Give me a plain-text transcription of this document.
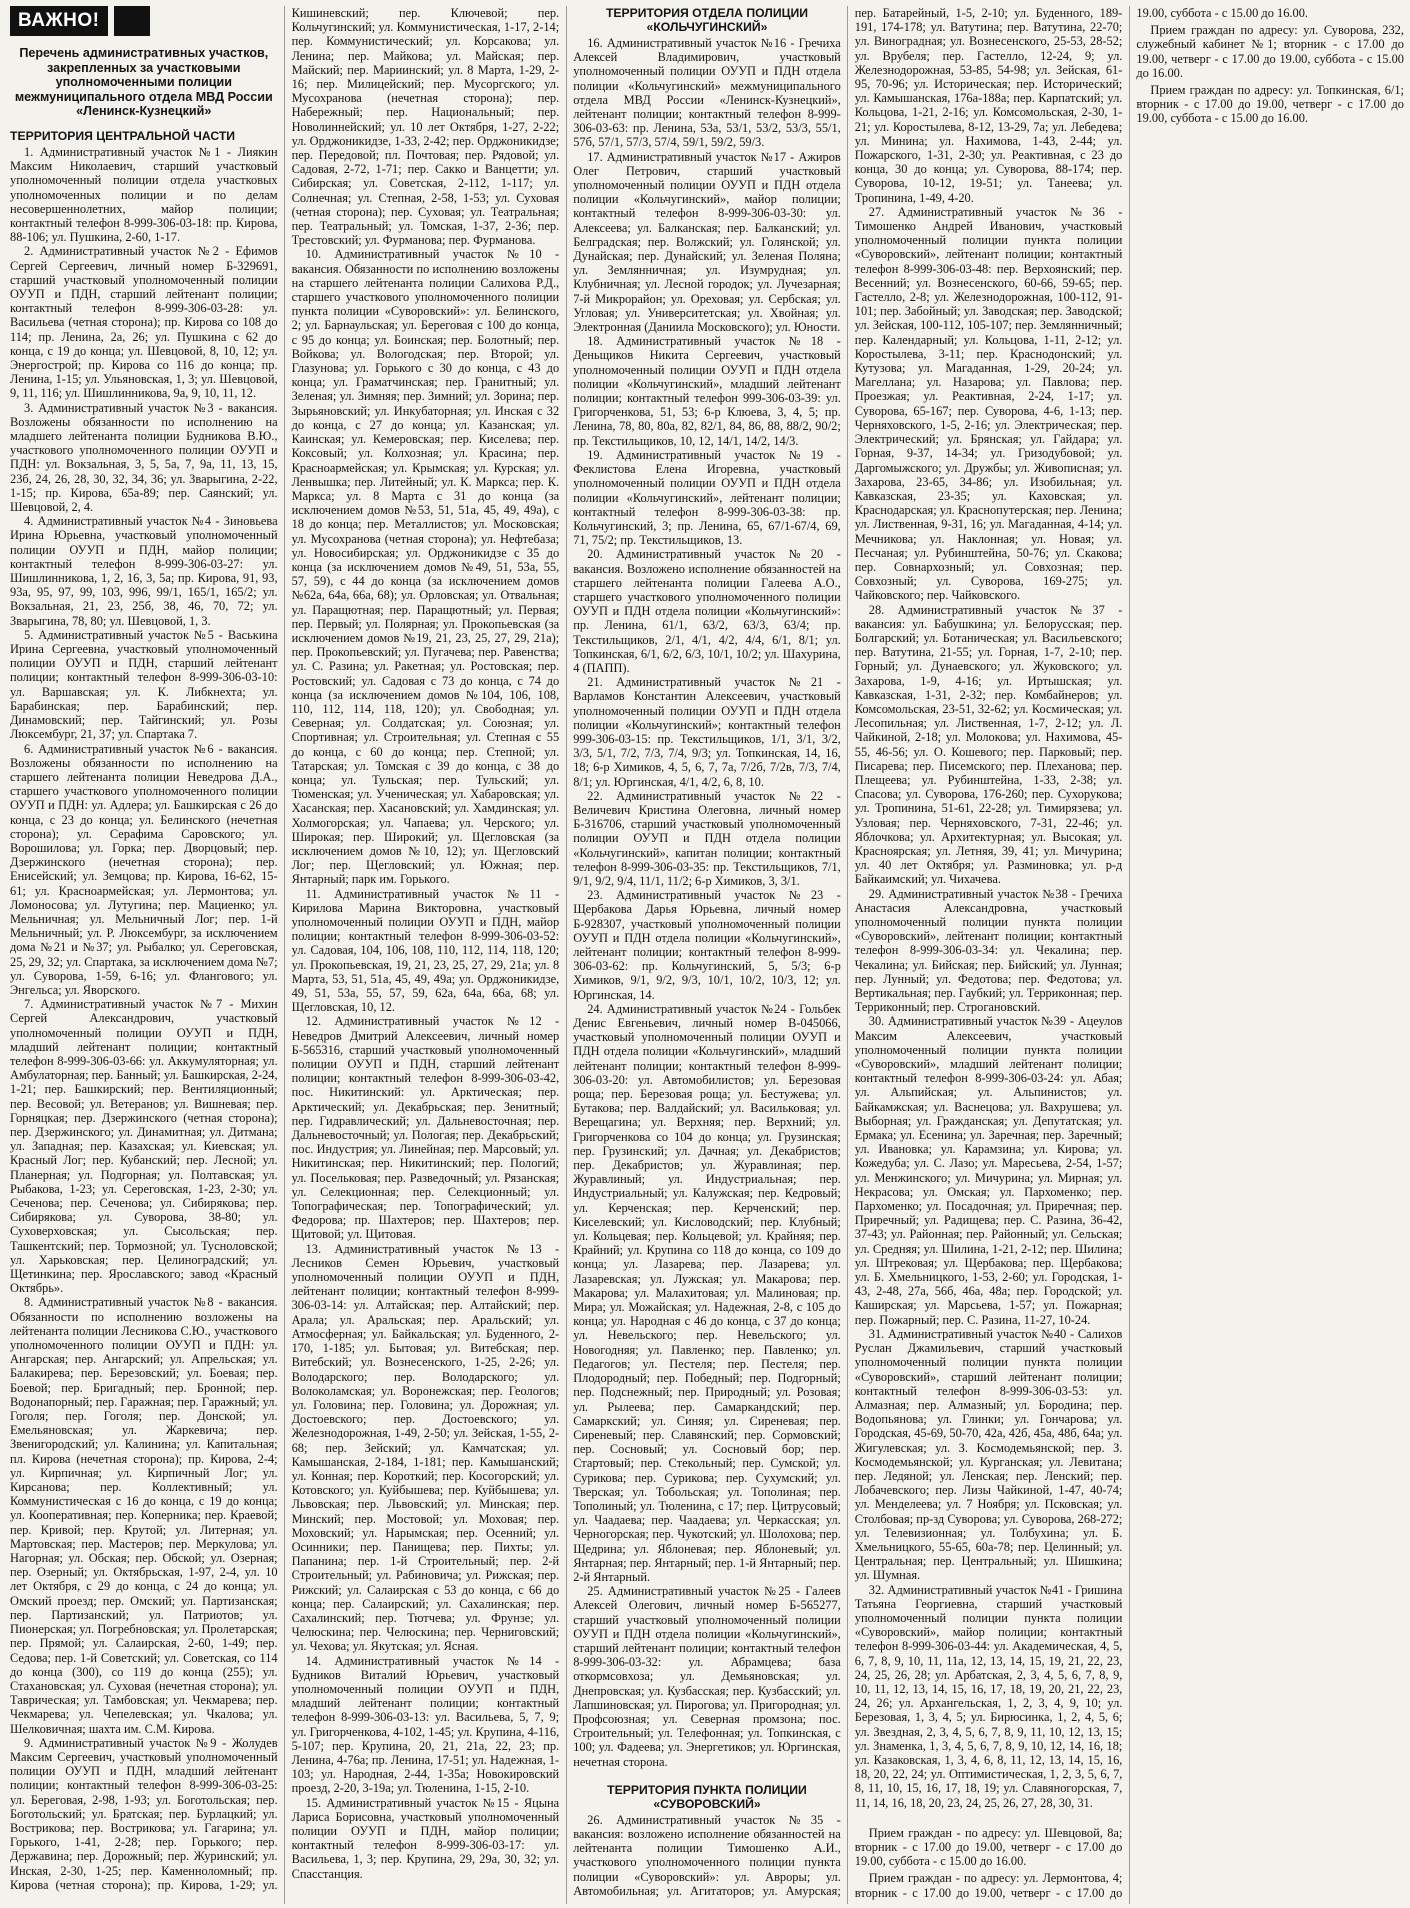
ВАЖНО!
Перечень административных участков, закрепленных за участковыми уполномоченными полиции межмуниципального отдела МВД России «Ленинск-Кузнецкий»
ТЕРРИТОРИЯ ЦЕНТРАЛЬНОЙ ЧАСТИ

1. Административный участок №1 - Лиякин Максим Николаевич, старший участковый уполномоченный полиции отдела участковых уполномоченных полиции и по делам несовершеннолетних, майор полиции; контактный телефон 8-999-306-03-18: пр. Кирова, 88-106; ул. Пушкина, 2-60, 1-17.

2. Административный участок №2 - Ефимов Сергей Сергеевич, личный номер Б-329691, старший участковый уполномоченный полиции ОУУП и ПДН, старший лейтенант полиции; контактный телефон 8-999-306-03-28: ул. Васильева (четная сторона); пр. Кирова со 108 до 114; пр. Ленина, 2а, 26; ул. Пушкина с 62 до конца, с 19 до конца; ул. Шевцовой, 8, 10, 12; ул. Энергострой; пр. Кирова со 116 до конца; пр. Ленина, 1-15; ул. Ульяновская, 1, 3; ул. Шевцовой, 9, 11, 116; ул. Шишлинникова, 9а, 9, 10, 11, 12.

3. Административный участок №3 - вакансия. Возложены обязанности по исполнению на младшего лейтенанта полиции Будникова В.Ю., участкового уполномоченного полиции ОУУП и ПДН: ул. Вокзальная, 3, 5, 5а, 7, 9а, 11, 13, 15, 23б, 24, 26, 28, 30, 32, 34, 36; ул. Зварыгина, 2-22, 1-15; пр. Кирова, 65а-89; пер. Саянский; ул. Шевцовой, 2, 4.

4. Административный участок №4 - Зиновьева Ирина Юрьевна, участковый уполномоченный полиции ОУУП и ПДН, майор полиции; контактный телефон 8-999-306-03-27: ул. Шишлинникова, 1, 2, 16, 3, 5а; пр. Кирова, 91, 93, 93а, 95, 97, 99, 103, 996, 99/1, 165/1, 165/2; ул. Вокзальная, 21, 23, 25б, 38, 46, 70, 72; ул. Зварыгина, 78, 80; ул. Шевцовой, 1, 3.

5. Административный участок №5 - Васькина Ирина Сергеевна, участковый уполномоченный полиции ОУУП и ПДН, старший лейтенант полиции; контактный телефон 8-999-306-03-10: ул. Варшавская; ул. К. Либкнехта; ул. Барабинская; пер. Барабинский; пер. Динамовский; пер. Тайгинский; ул. Розы Люксембург, 21, 37; ул. Спартака 7.

6. Административный участок №6 - вакансия. Возложены обязанности по исполнению на старшего лейтенанта полиции Неведрова Д.А., старшего участкового уполномоченного полиции ОУУП и ПДН: ул. Адлера; ул. Башкирская с 26 до конца, с 23 до конца; ул. Белинского (нечетная сторона); ул. Серафима Саровского; ул. Ворошилова; ул. Горка; пер. Дворцовый; пер. Дзержинского (нечетная сторона); пер. Енисейский; ул. Земцова; пр. Кирова, 16-62, 15-61; ул. Красноармейская; ул. Лермонтова; ул. Ломоносова; ул. Лутугина; пер. Мациенко; ул. Мельничная; ул. Мельничный Лог; пер. 1-й Мельничный; ул. Р. Люксембург, за исключением дома №21 и №37; ул. Рыбалко; ул. Сереговская, 25, 29, 32; ул. Спартака, за исключением дома №7; ул. Суворова, 1-59, 6-16; ул. Флангового; ул. Энгельса; ул. Яворского.

7. Административный участок №7 - Михин Сергей Александрович, участковый уполномоченный полиции ОУУП и ПДН, младший лейтенант полиции; контактный телефон 8-999-306-03-66: ул. Аккумуляторная; ул. Амбулаторная; пер. Банный; ул. Башкирская, 2-24, 1-21; пер. Башкирский; пер. Вентиляционный; пер. Весовой; ул. Ветеранов; ул. Вишневая; пер. Горняцкая; пер. Дзержинского (четная сторона); пер. Дзержинского; ул. Динамитная; ул. Дитмана; ул. Западная; пер. Казахская; ул. Киевская; ул. Красный Лог; пер. Кубанский; пер. Лесной; ул. Планерная; ул. Подгорная; ул. Полтавская; ул. Рыбакова, 1-23; ул. Сереговская, 1-23, 2-30; ул. Сеченова; пер. Сеченова; ул. Сибирякова; пер. Сибирякова; ул. Суворова, 38-80; ул. Суховерховская; ул. Сысольская; пер. Ташкентский; пер. Тормозной; ул. Тусноловской; ул. Харьковская; пер. Целиноградский; ул. Щетинкина; пер. Ярославского; завод «Красный Октябрь».

8. Административный участок №8 - вакансия. Обязанности по исполнению возложены на лейтенанта полиции Лесникова С.Ю., участкового уполномоченного полиции ОУУП и ПДН: ул. Ангарская; пер. Ангарский; ул. Апрельская; ул. Балакирева; пер. Березовский; ул. Боевая; пер. Боевой; пер. Бригадный; пер. Бронной; пер. Водонапорный; пер. Гаражная; пер. Гаражный; ул. Гоголя; пер. Гоголя; пер. Донской; ул. Емельяновская; ул. Жаркевича; пер. Звенигородский; ул. Калинина; ул. Капитальная; пл. Кирова (нечетная сторона); пр. Кирова, 2-4; ул. Кирпичная; ул. Кирпичный Лог; ул. Кирсанова; пер. Коллективный; ул. Коммунистическая с 16 до конца, с 19 до конца; ул. Кооперативная; пер. Коперника; пер. Краевой; пер. Кривой; пер. Крутой; ул. Литерная; ул. Мартовская; пер. Мастеров; пер. Меркулова; ул. Нагорная; ул. Обская; пер. Обской; ул. Озерная; пер. Озерный; ул. Октябрьская, 1-97, 2-4, ул. 10 лет Октября, с 29 до конца, с 24 до конца; ул. Омский проезд; пер. Омский; ул. Партизанская; пер. Партизанский; ул. Патриотов; ул. Пионерская; ул. Погребновская; ул. Пролетарская; пер. Прямой; ул. Салаирская, 2-60, 1-49; пер. Седова; пер. 1-й Советский; ул. Советская, со 114 до конца (300), со 119 до конца (255); ул. Стахановская; ул. Суховая (нечетная сторона); ул. Таврическая; ул. Тамбовская; ул. Чекмарева; пер. Чекмарева; ул. Чепелевская; ул. Чкалова; ул. Шелковичная; шахта им. С.М. Кирова.

9. Административный участок №9 - Жолудев Максим Сергеевич, участковый уполномоченный полиции ОУУП и ПДН, младший лейтенант полиции; контактный телефон 8-999-306-03-25: ул. Береговая, 2-98, 1-93; ул. Боготольская; пер. Боготольский; ул. Братская; пер. Бурлацкий; ул. Вострикова; пер. Вострикова; ул. Гагарина; ул. Горького, 1-41, 2-28; пер. Горького; пер. Державина; пер. Дорожный; пер. Журинский; ул. Инская, 2-30, 1-25; пер. Каменноломный; пр. Кирова (четная сторона); пр. Кирова, 1-29; ул. Кишиневский; пер. Ключевой; пер. Кольчугинский; ул. Коммунистическая, 1-17, 2-14; пер. Коммунистический; ул. Корсакова; ул. Ленина; пер. Майкова; ул. Майская; пер. Майский; пер. Мариинский; ул. 8 Марта, 1-29, 2-16; пер. Милицейский; пер. Мусоргского; ул. Мусохранова (нечетная сторона); пер. Набережный; пер. Национальный; пер. Новолиннейский; ул. 10 лет Октября, 1-27, 2-22; ул. Орджоникидзе, 1-33, 2-42; пер. Орджоникидзе; пер. Передовой; пл. Почтовая; пер. Рядовой; ул. Садовая, 2-72, 1-71; пер. Сакко и Ванцетти; ул. Сибирская; ул. Советская, 2-112, 1-117; ул. Солнечная; ул. Степная, 2-58, 1-53; ул. Суховая (четная сторона); пер. Суховая; ул. Театральная; пер. Театральный; ул. Томская, 1-37, 2-36; пер. Трестовский; ул. Фурманова; пер. Фурманова.

10. Административный участок №10 - вакансия. Обязанности по исполнению возложены на старшего лейтенанта полиции Салихова Р.Д., старшего участкового уполномоченного полиции пункта полиции «Суворовский»: ул. Белинского, 2; ул. Барнаульская; ул. Береговая с 100 до конца, с 95 до конца; ул. Боинская; пер. Болотный; пер. Войкова; ул. Вологодская; пер. Второй; ул. Глазунова; ул. Горького с 30 до конца, с 43 до конца; ул. Граматчинская; пер. Гранитный; ул. Зеленая; ул. Зимняя; пер. Зимний; ул. Зорина; пер. Зырьяновский; ул. Инкубаторная; ул. Инская с 32 до конца, с 27 до конца; ул. Казанская; ул. Каинская; ул. Кемеровская; пер. Киселева; пер. Коксовый; ул. Колхозная; ул. Красина; пер. Красноармейская; ул. Крымская; ул. Курская; ул. Ленвышка; пер. Литейный; ул. К. Маркса; пер. К. Маркса; ул. 8 Марта с 31 до конца (за исключением домов №53, 51, 51а, 45, 49, 49а), с 18 до конца; пер. Металлистов; ул. Московская; ул. Мусохранова (четная сторона); ул. Нефтебаза; ул. Новосибирская; ул. Орджоникидзе с 35 до конца (за исключением домов №49, 51, 53а, 55, 57, 59), с 44 до конца (за исключением домов №62а, 64а, 66а, 68); ул. Орловская; ул. Отвальная; ул. Паращютная; пер. Паращютный; ул. Первая; пер. Первый; ул. Полярная; ул. Прокопьевская (за исключением домов №19, 21, 23, 25, 27, 29, 21а); пер. Прокопьевский; ул. Пугачева; пер. Равенства; ул. С. Разина; ул. Ракетная; ул. Ростовская; пер. Ростовский; ул. Садовая с 73 до конца, с 74 до конца (за исключением домов №104, 106, 108, 110, 112, 114, 118, 120); ул. Свободная; ул. Северная; ул. Солдатская; ул. Союзная; ул. Спортивная; ул. Строительная; ул. Степная с 55 до конца, с 60 до конца; пер. Степной; ул. Татарская; ул. Томская с 39 до конца, с 38 до конца; ул. Тульская; пер. Тульский; ул. Тюменская; ул. Ученическая; ул. Хабаровская; ул. Хасанская; пер. Хасановский; ул. Хамдинская; ул. Холмогорская; ул. Чапаева; ул. Черского; ул. Широкая; пер. Широкий; ул. Щегловская (за исключением домов №10, 12); ул. Щегловский Лог; пер. Щегловский; ул. Южная; пер. Янтарный; парк им. Горького.

11. Административный участок №11 - Кирилова Марина Викторовна, участковый уполномоченный полиции ОУУП и ПДН, майор полиции; контактный телефон 8-999-306-03-52: ул. Садовая, 104, 106, 108, 110, 112, 114, 118, 120; ул. Прокопьевская, 19, 21, 23, 25, 27, 29, 21а; ул. 8 Марта, 53, 51, 51а, 45, 49, 49а; ул. Орджоникидзе, 49, 51, 53а, 55, 57, 59, 62а, 64а, 66а, 68; ул. Щегловская, 10, 12.

12. Административный участок №12 - Неведров Дмитрий Алексеевич, личный номер Б-565316, старший участковый уполномоченный полиции ОУУП и ПДН, старший лейтенант полиции; контактный телефон 8-999-306-03-42, пос. Никитинский: ул. Арктическая; пер. Арктический; ул. Декабрьская; пер. Зенитный; пер. Гидравлический; ул. Дальневосточная; пер. Дальневосточный; ул. Пологая; пер. Декабрьский; пос. Индустрия; ул. Линейная; пер. Марсовый; ул. Никитинская; пер. Никитинский; пер. Пологий; ул. Посельковая; пер. Разведочный; ул. Рязанская; ул. Селекционная; пер. Селекционный; ул. Топографическая; пер. Топографический; ул. Федорова; пр. Шахтеров; пер. Шахтеров; пер. Щитовой; ул. Щитовая.

13. Административный участок №13 - Лесников Семен Юрьевич, участковый уполномоченный полиции ОУУП и ПДН, лейтенант полиции; контактный телефон 8-999-306-03-14: ул. Алтайская; пер. Алтайский; пер. Арала; ул. Аральская; пер. Аральский; ул. Атмосферная; ул. Байкальская; ул. Буденного, 2-170, 1-185; ул. Бытовая; ул. Витебская; пер. Витебский; ул. Вознесенского, 1-25, 2-26; ул. Володарского; пер. Володарского; ул. Волоколамская; ул. Воронежская; пер. Геологов; ул. Головина; пер. Головина; ул. Дорожная; ул. Достоевского; пер. Достоевского; ул. Железнодорожная, 1-49, 2-50; ул. Зейская, 1-55, 2-68; пер. Зейский; ул. Камчатская; ул. Камышанская, 2-184, 1-181; пер. Камышанский; ул. Конная; пер. Короткий; пер. Косогорский; ул. Котовского; ул. Куйбышева; пер. Куйбышева; ул. Львовская; пер. Львовский; ул. Минская; пер. Минский; пер. Мостовой; ул. Моховая; пер. Моховский; ул. Нарымская; пер. Осенний; ул. Осинники; пер. Панищева; пер. Пихты; ул. Папанина; пер. 1-й Строительный; пер. 2-й Строительный; ул. Рабиновича; ул. Рижская; пер. Рижский; ул. Салаирская с 53 до конца, с 66 до конца; пер. Салаирский; ул. Сахалинская; пер. Сахалинский; пер. Тютчева; ул. Фрунзе; ул. Челюскина; пер. Челюскина; пер. Черниговский; ул. Чехова; ул. Якутская; ул. Ясная.

14. Административный участок №14 - Будников Виталий Юрьевич, участковый уполномоченный полиции ОУУП и ПДН, младший лейтенант полиции; контактный телефон 8-999-306-03-13: ул. Васильева, 5, 7, 9; ул. Григорченкова, 4-102, 1-45; ул. Крупина, 4-116, 5-107; пер. Крупина, 20, 21, 21а, 22, 23; пр. Ленина, 4-76а; пр. Ленина, 17-51; ул. Надежная, 1-103; ул. Народная, 2-44, 1-35а; Новокировский проезд, 2-20, 3-19а; ул. Тюленина, 1-15, 2-10.

15. Административный участок №15 - Яцына Лариса Борисовна, участковый уполномоченный полиции ОУУП и ПДН, майор полиции; контактный телефон 8-999-306-03-17: ул. Васильева, 1, 3; пер. Крупина, 29, 29а, 30, 32; ул. Спасстанция.

ТЕРРИТОРИЯ ОТДЕЛА ПОЛИЦИИ «КОЛЬЧУГИНСКИЙ»

16. Административный участок №16 - Гречиха Алексей Владимирович, участковый уполномоченный полиции ОУУП и ПДН отдела полиции «Кольчугинский» межмуниципального отдела МВД России «Ленинск-Кузнецкий», лейтенант полиции; контактный телефон 8-999-306-03-63: пр. Ленина, 53а, 53/1, 53/2, 53/3, 55/1, 57б, 57/1, 57/3, 57/4, 59/1, 59/2, 59/3.

17. Административный участок №17 - Ажиров Олег Петрович, старший участковый уполномоченный полиции ОУУП и ПДН отдела полиции «Кольчугинский», майор полиции; контактный телефон 8-999-306-03-30: ул. Алексеева; ул. Балканская; пер. Балканский; ул. Белградская; пер. Волжский; ул. Голянской; ул. Дунайская; пер. Дунайский; ул. Зеленая Поляна; ул. Землянничная; ул. Изумрудная; ул. Клубничная; ул. Лесной городок; ул. Лучезарная; 7-й Микрорайон; ул. Ореховая; ул. Сербская; ул. Угловая; ул. Университетская; ул. Хвойная; ул. Электронная (Даниила Московского); ул. Юности.

18. Административный участок №18 - Деньщиков Никита Сергеевич, участковый уполномоченный полиции ОУУП и ПДН отдела полиции «Кольчугинский», младший лейтенант полиции; контактный телефон 999-306-03-39: ул. Григорченкова, 51, 53; 6-р Клюева, 3, 4, 5; пр. Ленина, 78, 80, 80а, 82, 82/1, 84, 86, 88, 88/2, 90/2; пр. Текстильщиков, 10, 12, 14/1, 14/2, 14/3.

19. Административный участок №19 - Феклистова Елена Игоревна, участковый уполномоченный полиции ОУУП и ПДН отдела полиции «Кольчугинский», лейтенант полиции; контактный телефон 8-999-306-03-38: пр. Кольчугинский, 3; пр. Ленина, 65, 67/1-67/4, 69, 71, 75/2; пр. Текстильщиков, 13.

20. Административный участок №20 - вакансия. Возложено исполнение обязанностей на старшего лейтенанта полиции Галеева А.О., старшего участкового уполномоченного полиции ОУУП и ПДН отдела полиции «Кольчугинский»: пр. Ленина, 61/1, 63/2, 63/3, 63/4; пр. Текстильщиков, 2/1, 4/1, 4/2, 4/4, 6/1, 8/1; ул. Топкинская, 6/1, 6/2, 6/3, 10/1, 10/2; ул. Шахурина, 4 (ПАПП).

21. Административный участок №21 - Варламов Константин Алексеевич, участковый уполномоченный полиции ОУУП и ПДН отдела полиции «Кольчугинский»; контактный телефон 999-306-03-15: пр. Текстильщиков, 1/1, 3/1, 3/2, 3/3, 5/1, 7/2, 7/3, 7/4, 9/3; ул. Топкинская, 14, 16, 18; 6-р Химиков, 4, 5, 6, 7, 7а, 7/2б, 7/2в, 7/3, 7/4, 8/1; ул. Юргинская, 4/1, 4/2, 6, 8, 10.

22. Административный участок №22 - Величевич Кристина Олеговна, личный номер Б-316706, старший участковый уполномоченный полиции ОУУП и ПДН отдела полиции «Кольчугинский», капитан полиции; контактный телефон 8-999-306-03-35: пр. Текстильщиков, 7/1, 9/1, 9/2, 9/4, 11/1, 11/2; 6-р Химиков, 3, 3/1.

23. Административный участок №23 - Щербакова Дарья Юрьевна, личный номер Б-928307, участковый уполномоченный полиции ОУУП и ПДН отдела полиции «Кольчугинский», лейтенант полиции; контактный телефон 8-999-306-03-62: пр. Кольчугинский, 5, 5/3; 6-р Химиков, 9/1, 9/2, 9/3, 10/1, 10/2, 10/3, 12; ул. Юргинская, 14.

24. Административный участок №24 - Гольбек Денис Евгеньевич, личный номер В-045066, участковый уполномоченный полиции ОУУП и ПДН отдела полиции «Кольчугинский», младший лейтенант полиции; контактный телефон 8-999-306-03-20: ул. Автомобилистов; ул. Березовая роща; пер. Березовая роща; ул. Бестужева; ул. Бутакова; пер. Валдайский; ул. Васильковая; ул. Верещагина; ул. Верхняя; пер. Верхний; ул. Григорченкова со 104 до конца; ул. Грузинская; пер. Грузинский; ул. Дачная; ул. Декабристов; пер. Декабристов; ул. Журавлиная; пер. Журавлиный; ул. Индустриальная; пер. Индустриальный; ул. Калужская; пер. Кедровый; ул. Керченская; пер. Керченский; пер. Киселевский; ул. Кисловодский; пер. Клубный; ул. Кольцевая; пер. Кольцевой; ул. Крайняя; пер. Крайний; ул. Крупина со 118 до конца, со 109 до конца; ул. Лазарева; пер. Лазарева; ул. Лазаревская; ул. Лужская; ул. Макарова; пер. Макарова; ул. Малахитовая; ул. Малиновая; пр. Мира; ул. Можайская; ул. Надежная, 2-8, с 105 до конца; ул. Народная с 46 до конца, с 37 до конца; ул. Невельского; пер. Невельского; ул. Новогодняя; ул. Павленко; пер. Павленко; ул. Педагогов; ул. Пестеля; пер. Пестеля; пер. Плодородный; пер. Победный; пер. Подгорный; пер. Подснежный; пер. Природный; ул. Розовая; ул. Рылеева; пер. Самаркандский; пер. Самаркский; ул. Синяя; ул. Сиреневая; пер. Сиреневый; пер. Славянский; пер. Сормовский; пер. Сосновый; ул. Сосновый бор; пер. Стартовый; пер. Стекольный; пер. Сумской; ул. Сурикова; пер. Сурикова; пер. Сухумский; ул. Тверская; ул. Тобольская; ул. Тополиная; пер. Тополиный; ул. Тюленина, с 17; пер. Цитрусовый; ул. Чаадаева; пер. Чаадаева; ул. Черкасская; ул. Черногорская; пер. Чукотский; ул. Шолохова; пер. Щедрина; ул. Яблоневая; пер. Яблоневый; ул. Янтарная; пер. Янтарный; пер. 1-й Янтарный; пер. 2-й Янтарный.

25. Административный участок №25 - Галеев Алексей Олегович, личный номер Б-565277, старший участковый уполномоченный полиции ОУУП и ПДН отдела полиции «Кольчугинский», старший лейтенант полиции; контактный телефон 8-999-306-03-32: ул. Абрамцева; база откормсовхоза; ул. Демьяновская; ул. Днепровская; ул. Кузбасская; пер. Кузбасский; ул. Лапшиновская; ул. Пирогова; ул. Пригородная; ул. Профсоюзная; ул. Северная промзона; пос. Строительный; ул. Телефонная; ул. Топкинская, с 100; ул. Фадеева; ул. Энергетиков; ул. Юргинская, нечетная сторона.

ТЕРРИТОРИЯ ПУНКТА ПОЛИЦИИ «СУВОРОВСКИЙ»

26. Административный участок №35 - вакансия: возложено исполнение обязанностей на лейтенанта полиции Тимошенко А.И., участкового уполномоченного полиции пункта полиции «Суворовский»: ул. Авроры; ул. Автомобильная; ул. Агитаторов; ул. Амурская; пер. Батарейный, 1-5, 2-10; ул. Буденного, 189-191, 174-178; ул. Ватутина; пер. Ватутина, 22-70; ул. Виноградная; ул. Вознесенского, 25-53, 28-52; ул. Врубеля; пер. Гастелло, 12-24, 9; ул. Железнодорожная, 53-85, 54-98; ул. Зейская, 61-95, 70-96; ул. Историческая; пер. Исторический; ул. Камышанская, 176а-188а; пер. Карпатский; ул. Кольцова, 1-21, 2-16; ул. Комсомольская, 2-30, 1-21; ул. Коростылева, 8-12, 13-29, 7а; ул. Лебедева; ул. Минина; ул. Нахимова, 1-43, 2-44; ул. Пожарского, 1-31, 2-30; ул. Реактивная, с 23 до конца, 30 до конца; ул. Суворова, 88-174; пер. Суворова, 10-12, 19-51; ул. Танеева; ул. Тропинина, 1-49, 4-20.

27. Административный участок №36 - Тимошенко Андрей Иванович, участковый уполномоченный полиции пункта полиции «Суворовский», лейтенант полиции; контактный телефон 8-999-306-03-48: пер. Верхоянский; пер. Весенний; ул. Вознесенского, 60-66, 59-65; пер. Гастелло, 2-8; ул. Железнодорожная, 100-112, 91-101; пер. Забойный; ул. Заводская; пер. Заводской; ул. Зейская, 100-112, 105-107; пер. Землянничный; пер. Календарный; ул. Кольцова, 1-11, 2-12; ул. Коростылева, 3-11; пер. Краснодонский; ул. Кутузова; ул. Магаданная, 1-29, 20-24; ул. Магеллана; ул. Назарова; ул. Павлова; пер. Проезжая; ул. Реактивная, 2-24, 1-17; ул. Суворова, 65-167; пер. Суворова, 4-6, 1-13; пер. Черняховского, 1-5, 2-16; ул. Электрическая; пер. Электрический; ул. Брянская; ул. Гайдара; ул. Горная, 9-37, 14-34; ул. Гризодубовой; ул. Даргомыжского; ул. Дружбы; ул. Живописная; ул. Захарова, 23-65, 34-86; ул. Изобильная; ул. Кавказская, 23-35; ул. Каховская; ул. Краснодарская; ул. Краснопутерская; пер. Ленина; ул. Лиственная, 9-31, 16; ул. Магаданная, 4-14; ул. Мечникова; ул. Наклонная; ул. Новая; ул. Песчаная; ул. Рубинштейна, 50-76; ул. Скакова; пер. Совнархозный; ул. Совхозная; пер. Совхозный; ул. Суворова, 169-275; ул. Чайковского; пер. Чайковского.

28. Административный участок №37 - вакансия: ул. Бабушкина; ул. Белорусская; пер. Болгарский; ул. Ботаническая; ул. Васильевского; пер. Ватутина, 21-55; ул. Горная, 1-7, 2-10; пер. Горный; ул. Дунаевского; ул. Жуковского; ул. Захарова, 1-9, 4-16; ул. Иртышская; ул. Кавказская, 1-31, 2-32; пер. Комбайнеров; ул. Комсомольская, 23-51, 32-62; ул. Космическая; ул. Лесопильная; ул. Лиственная, 1-7, 2-12; ул. Л. Чайкиной, 2-18; ул. Молокова; ул. Нахимова, 45-55, 46-56; ул. О. Кошевого; пер. Парковый; пер. Писарева; пер. Писемского; пер. Плеханова; пер. Плещеева; ул. Рубинштейна, 1-33, 2-38; ул. Спасова; ул. Суворова, 176-260; пер. Сухорукова; ул. Тропинина, 51-61, 22-28; ул. Тимирязева; ул. Узловая; пер. Черняховского, 7-31, 22-46; ул. Яблочкова; ул. Архитектурная; ул. Высокая; ул. Красноярская; ул. Летняя, 39, 41; ул. Мичурина; ул. 40 лет Октября; ул. Разминовка; ул. р-д Байкаимский; ул. Чихачева.

29. Административный участок №38 - Гречиха Анастасия Александровна, участковый уполномоченный полиции пункта полиции «Суворовский», лейтенант полиции; контактный телефон 8-999-306-03-34: ул. Чекалина; пер. Чекалина; ул. Бийская; пер. Бийский; ул. Лунная; пер. Лунный; ул. Федотова; пер. Федотова; ул. Вертикальная; пер. Гаубкий; ул. Терриконная; пер. Терриконный; пер. Строгановский.

30. Административный участок №39 - Ацеулов Максим Алексеевич, участковый уполномоченный полиции пункта полиции «Суворовский», младший лейтенант полиции; контактный телефон 8-999-306-03-24: ул. Абая; ул. Альпийская; ул. Альпинистов; ул. Байкамжская; ул. Васнецова; ул. Вахрушева; ул. Выборная; ул. Гражданская; ул. Депутатская; ул. Ермака; ул. Есенина; ул. Заречная; пер. Заречный; ул. Ивановка; ул. Карамзина; ул. Кирова; ул. Кожедуба; ул. С. Лазо; ул. Маресьева, 2-54, 1-57; ул. Менжинского; ул. Мичурина; ул. Мирная; ул. Некрасова; ул. Омская; ул. Пархоменко; пер. Пархоменко; ул. Посадочная; ул. Приречная; пер. Приречный; ул. Радищева; пер. С. Разина, 36-42, 37-43; ул. Районная; пер. Районный; ул. Сельская; ул. Средняя; ул. Шилина, 1-21, 2-12; пер. Шилина; ул. Штрековая; ул. Щербакова; пер. Щербакова; ул. Б. Хмельницкого, 1-53, 2-60; ул. Городская, 1-43, 2-48, 27а, 56б, 46а, 48а; пер. Городской; ул. Каширская; ул. Марсьева, 1-57; ул. Пожарная; пер. Пожарный; пер. С. Разина, 11-27, 10-24.

31. Административный участок №40 - Салихов Руслан Джамильевич, старший участковый уполномоченный полиции пункта полиции «Суворовский», старший лейтенант полиции; контактный телефон 8-999-306-03-53: ул. Алмазная; пер. Алмазный; ул. Бородина; пер. Водопьянова; ул. Глинки; ул. Гончарова; ул. Городская, 45-69, 50-70, 42а, 42б, 45а, 48б, 64а; ул. Жигулевская; ул. З. Космодемьянской; пер. З. Космодемьянской; ул. Курганская; ул. Левитана; пер. Ледяной; ул. Ленская; пер. Ленский; пер. Лобачевского; пер. Лизы Чайкиной, 1-47, 40-74; ул. Менделеева; ул. 7 Ноября; ул. Псковская; ул. Столбовая; пр-зд Суворова; ул. Суворова, 268-272; ул. Телевизионная; ул. Толбухина; ул. Б. Хмельницкого, 55-65, 60а-78; пер. Целинный; ул. Центральная; пер. Центральный; ул. Шишкина; ул. Шумная.

32. Административный участок №41 - Гришина Татьяна Георгиевна, старший участковый уполномоченный полиции пункта полиции «Суворовский», майор полиции; контактный телефон 8-999-306-03-44: ул. Академическая, 4, 5, 6, 7, 8, 9, 10, 11, 11а, 12, 13, 14, 15, 19, 21, 22, 23, 24, 25, 26, 28; ул. Арбатская, 2, 3, 4, 5, 6, 7, 8, 9, 10, 11, 12, 13, 14, 15, 16, 17, 18, 19, 20, 21, 22, 23, 24, 26; ул. Архангельская, 1, 2, 3, 4, 9, 10; ул. Березовая, 1, 3, 4, 5; ул. Бирюсинка, 1, 2, 4, 5, 6; ул. Звездная, 2, 3, 4, 5, 6, 7, 8, 9, 11, 10, 12, 13, 15; ул. Знаменка, 1, 3, 4, 5, 6, 7, 8, 9, 10, 12, 14, 16, 18; ул. Казаковская, 1, 3, 4, 6, 8, 11, 12, 13, 14, 15, 16, 18, 20, 22, 24; ул. Оптимистическая, 1, 2, 3, 5, 6, 7, 8, 11, 10, 15, 16, 17, 18, 19; ул. Славяногорская, 7, 11, 14, 16, 18, 20, 23, 24, 25, 26, 27, 28, 30, 31.

Прием граждан - по адресу: ул. Шевцовой, 8а; вторник - с 17.00 до 19.00, четверг - с 17.00 до 19.00, суббота - с 15.00 до 16.00.

Прием граждан - по адресу: ул. Лермонтова, 4; вторник - с 17.00 до 19.00, четверг - с 17.00 до 19.00, суббота - с 15.00 до 16.00.

Прием граждан по адресу: ул. Суворова, 232, служебный кабинет №1; вторник - с 17.00 до 19.00, четверг - с 17.00 до 19.00, суббота - с 15.00 до 16.00.

Прием граждан по адресу: ул. Топкинская, 6/1; вторник - с 17.00 до 19.00, четверг - с 17.00 до 19.00, суббота - с 15.00 до 16.00.
